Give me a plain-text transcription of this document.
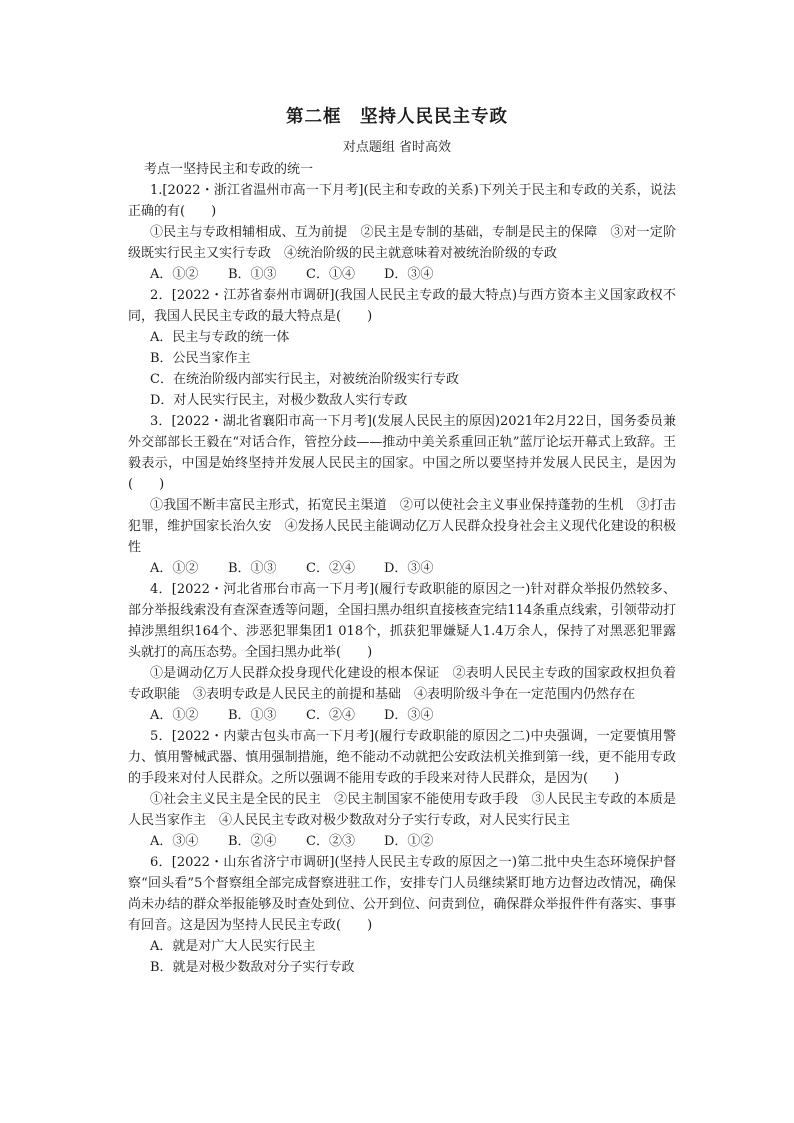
第二框　坚持人民民主专政
对点题组 省时高效

考点一坚持民主和专政的统一

1.[2022・浙江省温州市高一下月考](民主和专政的关系)下列关于民主和专政的关系，说法正确的有(　　)

①民主与专政相辅相成、互为前提　②民主是专制的基础，专制是民主的保障　③对一定阶级既实行民主又实行专政　④统治阶级的民主就意味着对被统治阶级的专政

A．①② B．①③ C．①④ D．③④

2．[2022・江苏省泰州市调研](我国人民民主专政的最大特点)与西方资本主义国家政权不同，我国人民民主专政的最大特点是(　　)

A．民主与专政的统一体

B．公民当家作主

C．在统治阶级内部实行民主，对被统治阶级实行专政

D．对人民实行民主，对极少数敌人实行专政

3．[2022・湖北省襄阳市高一下月考](发展人民民主的原因)2021年2月22日，国务委员兼外交部部长王毅在“对话合作，管控分歧——推动中美关系重回正轨”蓝厅论坛开幕式上致辞。王毅表示，中国是始终坚持并发展人民民主的国家。中国之所以要坚持并发展人民民主，是因为(　　)

①我国不断丰富民主形式，拓宽民主渠道　②可以使社会主义事业保持蓬勃的生机　③打击犯罪，维护国家长治久安　④发扬人民民主能调动亿万人民群众投身社会主义现代化建设的积极性

A．①② B．①③ C．②④ D．③④

4．[2022・河北省邢台市高一下月考](履行专政职能的原因之一)针对群众举报仍然较多、部分举报线索没有查深查透等问题，全国扫黑办组织直接核查完结114条重点线索，引领带动打掉涉黑组织164个、涉恶犯罪集团1 018个，抓获犯罪嫌疑人1.4万余人，保持了对黑恶犯罪露头就打的高压态势。全国扫黑办此举(　　)

①是调动亿万人民群众投身现代化建设的根本保证　②表明人民民主专政的国家政权担负着专政职能　③表明专政是人民民主的前提和基础　④表明阶级斗争在一定范围内仍然存在

A．①② B．①③ C．②④ D．③④

5．[2022・内蒙古包头市高一下月考](履行专政职能的原因之二)中央强调，一定要慎用警力、慎用警械武器、慎用强制措施，绝不能动不动就把公安政法机关推到第一线，更不能用专政的手段来对付人民群众。之所以强调不能用专政的手段来对待人民群众，是因为(　　)

①社会主义民主是全民的民主　②民主制国家不能使用专政手段　③人民民主专政的本质是人民当家作主　④人民民主专政对极少数敌对分子实行专政，对人民实行民主

A．③④ B．②④ C．②③ D．①②

6．[2022・山东省济宁市调研](坚持人民民主专政的原因之一)第二批中央生态环境保护督察“回头看”5个督察组全部完成督察进驻工作，安排专门人员继续紧盯地方边督边改情况，确保尚未办结的群众举报能够及时查处到位、公开到位、问责到位，确保群众举报件件有落实、事事有回音。这是因为坚持人民民主专政(　　)

A．就是对广大人民实行民主

B．就是对极少数敌对分子实行专政
